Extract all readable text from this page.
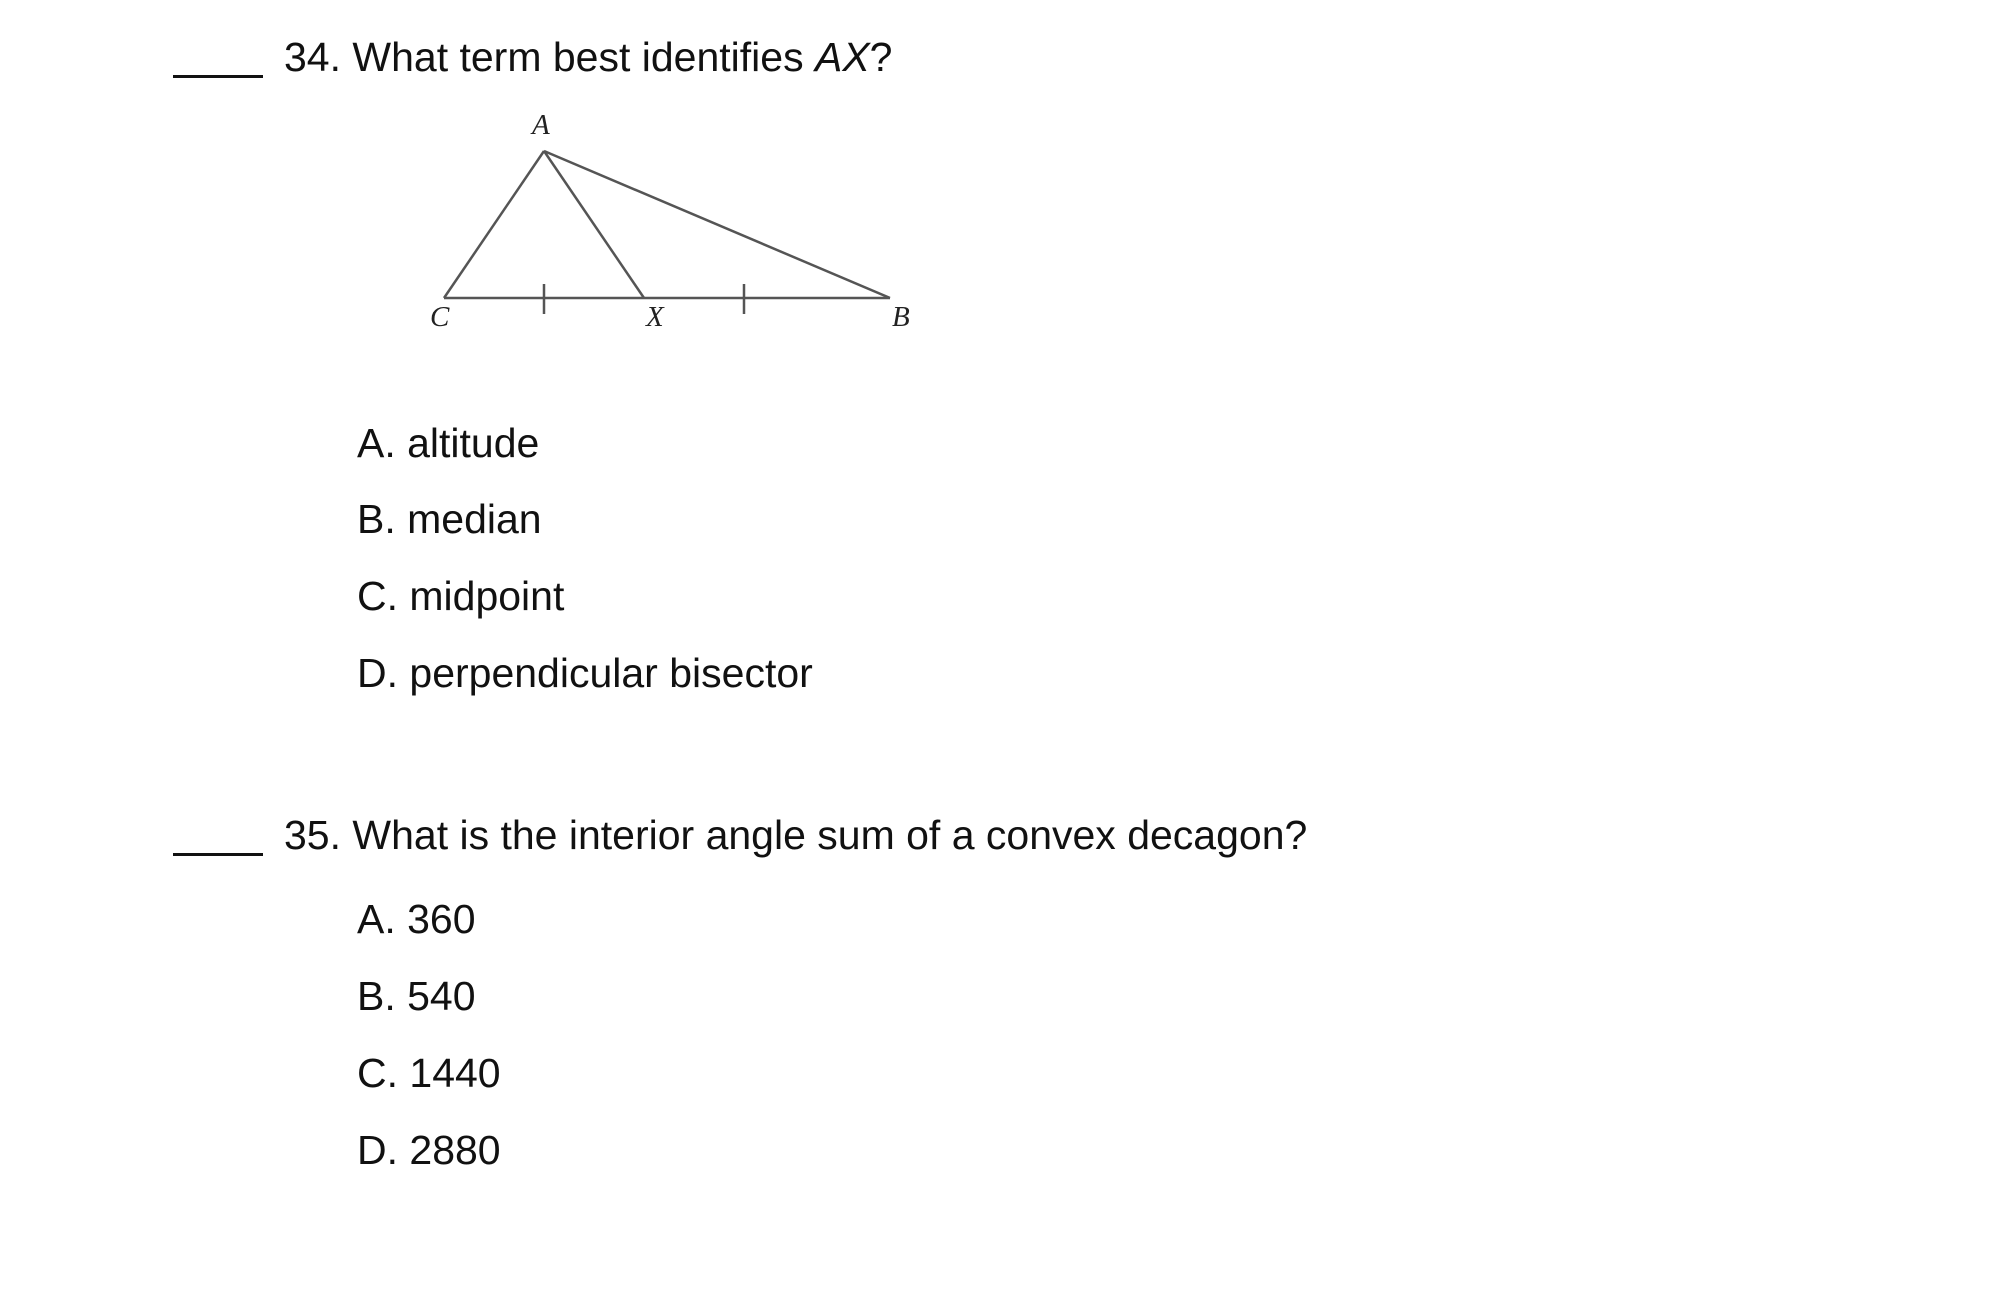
34. What term best identifies AX?
A
C	X	B
A. altitude
B. median
C. midpoint
D. perpendicular bisector
35. What is the interior angle sum of a convex decagon?
A. 360
B. 540
C. 1440
D. 2880
